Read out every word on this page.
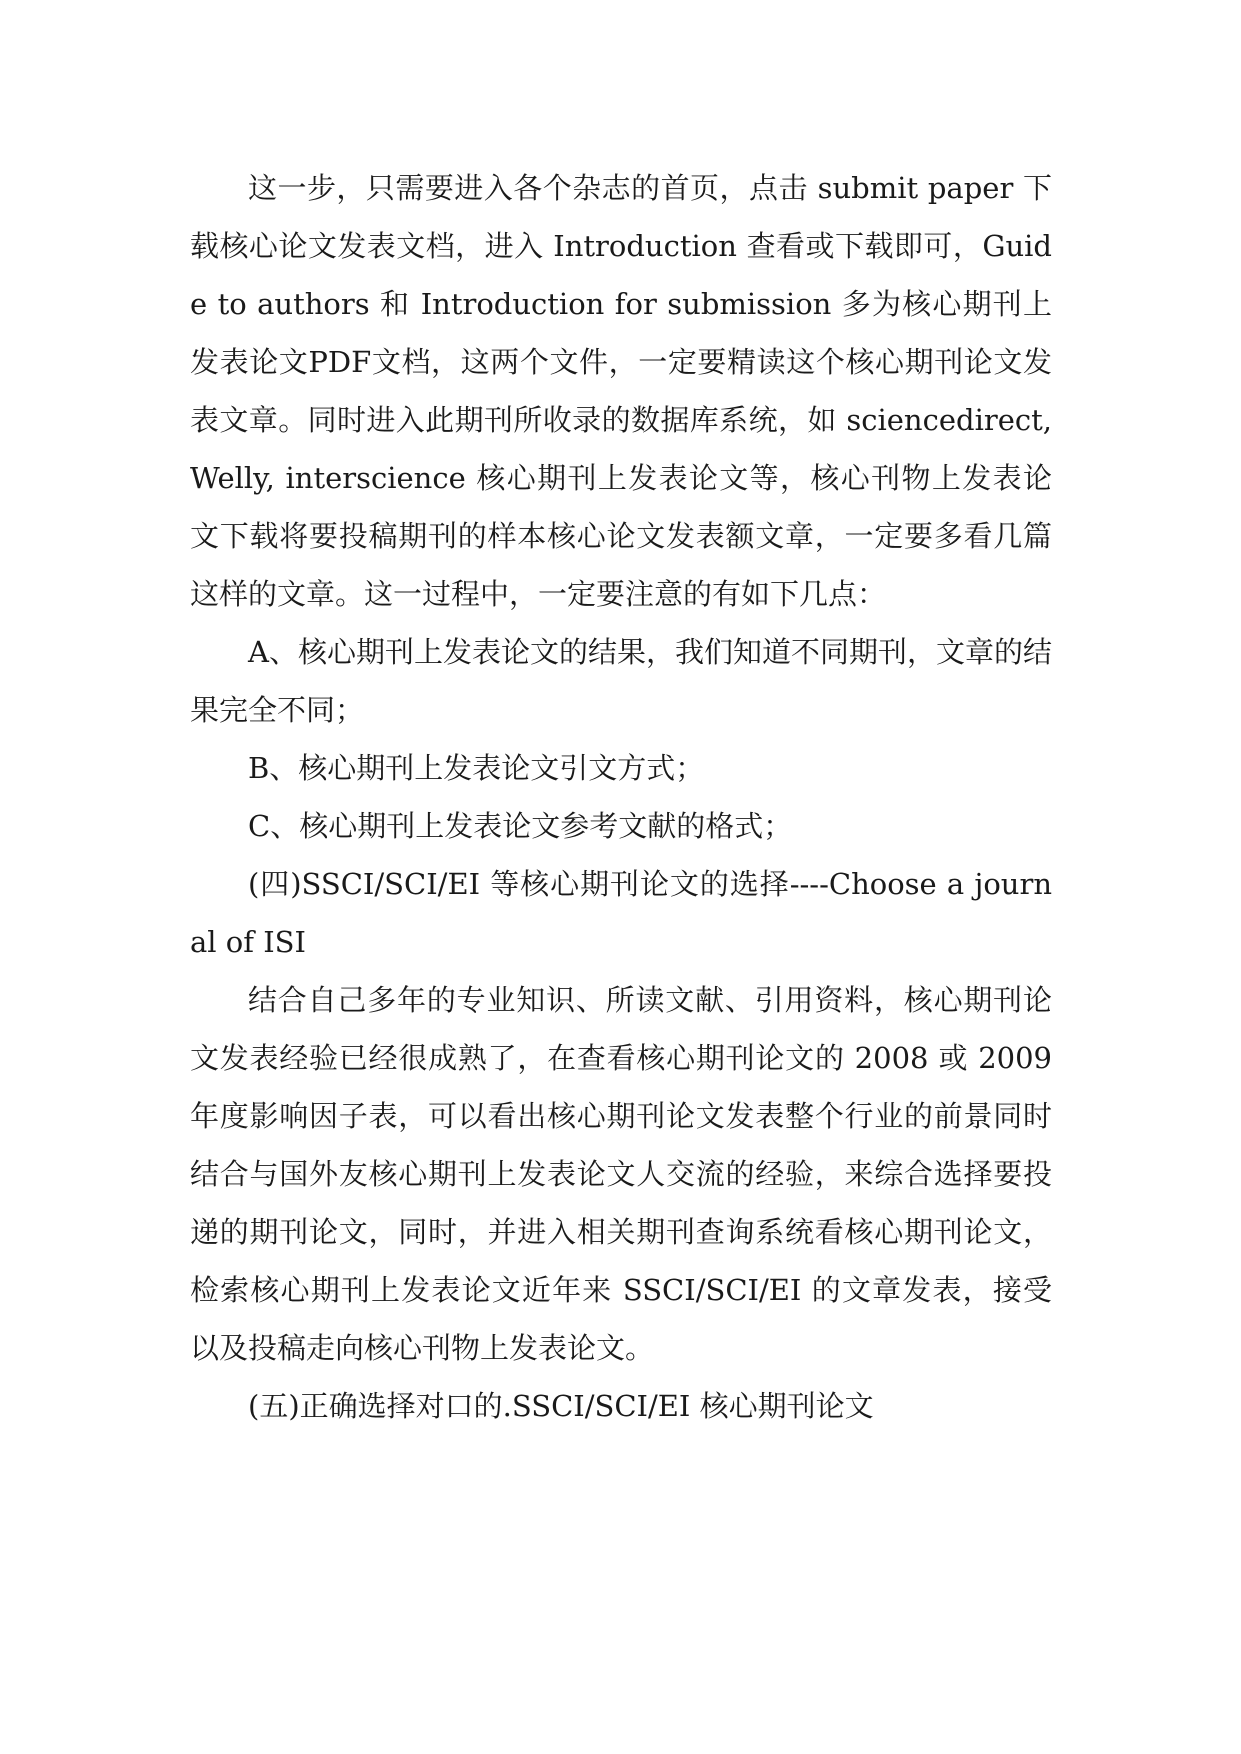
这一步，只需要进入各个杂志的首页，点击 submit paper 下载核心论文发表文档，进入 Introduction 查看或下载即可，Guide to authors 和 Introduction for submission 多为核心期刊上发表论文PDF文档，这两个文件，一定要精读这个核心期刊论文发表文章。同时进入此期刊所收录的数据库系统，如 sciencedirect, Welly, interscience 核心期刊上发表论文等，核心刊物上发表论文下载将要投稿期刊的样本核心论文发表额文章，一定要多看几篇这样的文章。这一过程中，一定要注意的有如下几点：

A、核心期刊上发表论文的结果，我们知道不同期刊，文章的结果完全不同；

B、核心期刊上发表论文引文方式；

C、核心期刊上发表论文参考文献的格式；

(四)SSCI/SCI/EI 等核心期刊论文的选择----Choose a journal of ISI

结合自己多年的专业知识、所读文献、引用资料，核心期刊论文发表经验已经很成熟了，在查看核心期刊论文的 2008 或 2009 年度影响因子表，可以看出核心期刊论文发表整个行业的前景同时结合与国外友核心期刊上发表论文人交流的经验，来综合选择要投递的期刊论文，同时，并进入相关期刊查询系统看核心期刊论文，检索核心期刊上发表论文近年来 SSCI/SCI/EI 的文章发表，接受以及投稿走向核心刊物上发表论文。

(五)正确选择对口的.SSCI/SCI/EI 核心期刊论文
